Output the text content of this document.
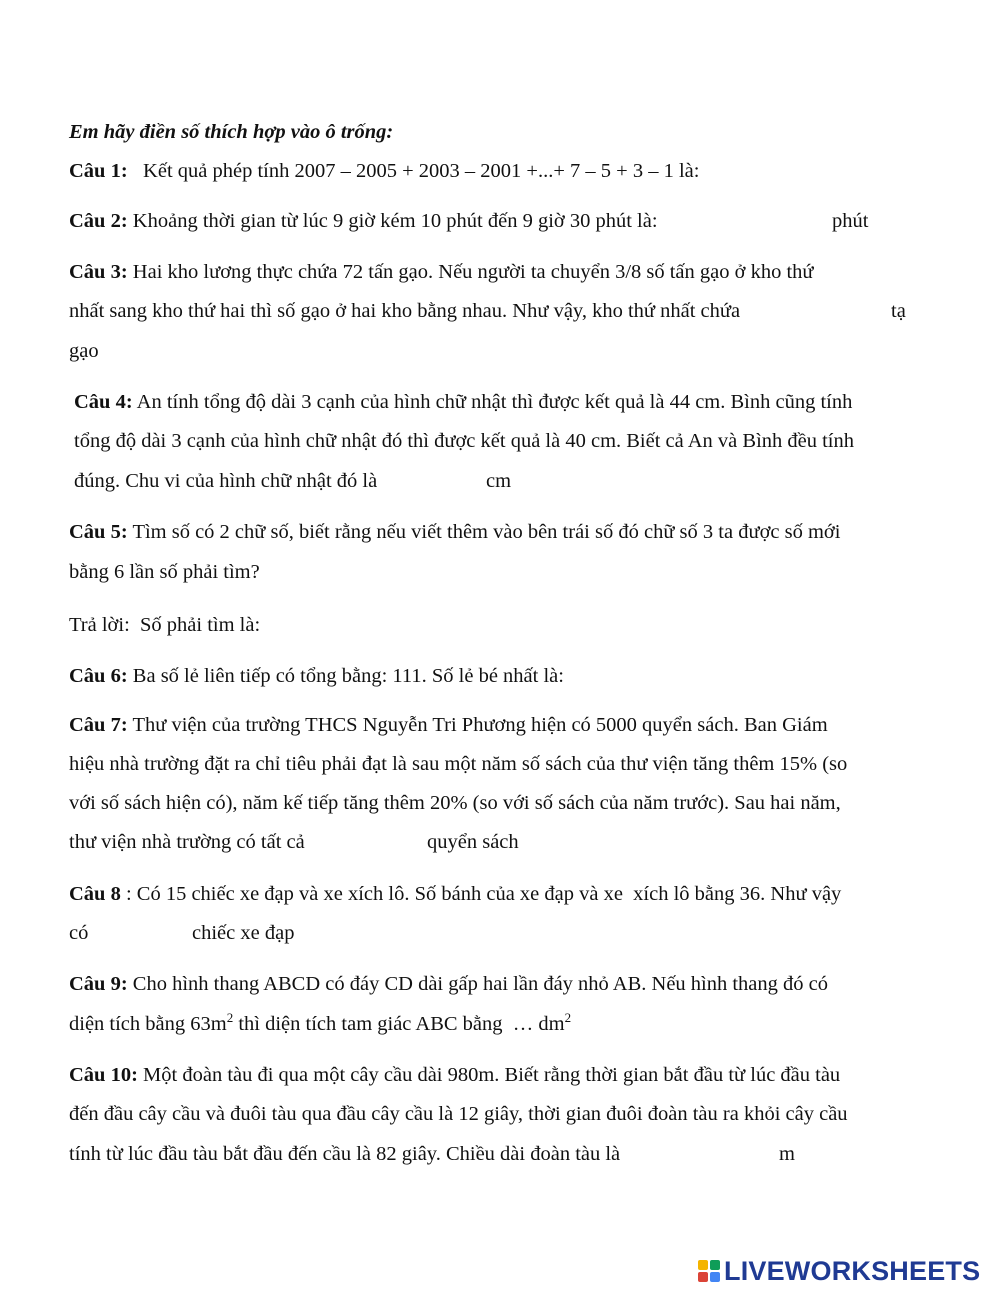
Em hãy điền số thích hợp vào ô trống:
Câu 1: Kết quả phép tính 2007 – 2005 + 2003 – 2001 +...+ 7 – 5 + 3 – 1 là:
Câu 2: Khoảng thời gian từ lúc 9 giờ kém 10 phút đến 9 giờ 30 phút là:	phút
Câu 3: Hai kho lương thực chứa 72 tấn gạo. Nếu người ta chuyển 3/8 số tấn gạo ở kho thứ
nhất sang kho thứ hai thì số gạo ở hai kho bằng nhau. Như vậy, kho thứ nhất chứa	tạ
gạo
Câu 4: An tính tổng độ dài 3 cạnh của hình chữ nhật thì được kết quả là 44 cm. Bình cũng tính
tổng độ dài 3 cạnh của hình chữ nhật đó thì được kết quả là 40 cm. Biết cả An và Bình đều tính
đúng. Chu vi của hình chữ nhật đó là	cm
Câu 5: Tìm số có 2 chữ số, biết rằng nếu viết thêm vào bên trái số đó chữ số 3 ta được số mới
bằng 6 lần số phải tìm?
Trả lời:  Số phải tìm là:
Câu 6: Ba số lẻ liên tiếp có tổng bằng: 111. Số lẻ bé nhất là:
Câu 7: Thư viện của trường THCS Nguyễn Tri Phương hiện có 5000 quyển sách. Ban Giám
hiệu nhà trường đặt ra chỉ tiêu phải đạt là sau một năm số sách của thư viện tăng thêm 15% (so
với số sách hiện có), năm kế tiếp tăng thêm 20% (so với số sách của năm trước). Sau hai năm,
thư viện nhà trường có tất cả	quyển sách
Câu 8 : Có 15 chiếc xe đạp và xe xích lô. Số bánh của xe đạp và xe  xích lô bằng 36. Như vậy
có	chiếc xe đạp
Câu 9: Cho hình thang ABCD có đáy CD dài gấp hai lần đáy nhỏ AB. Nếu hình thang đó có
diện tích bằng $63m^2$ thì diện tích tam giác ABC bằng  … $dm^2$
Câu 10: Một đoàn tàu đi qua một cây cầu dài 980m. Biết rằng thời gian bắt đầu từ lúc đầu tàu
đến đầu cây cầu và đuôi tàu qua đầu cây cầu là 12 giây, thời gian đuôi đoàn tàu ra khỏi cây cầu
tính từ lúc đầu tàu bắt đầu đến cầu là 82 giây. Chiều dài đoàn tàu là	m
LIVEWORKSHEETS
